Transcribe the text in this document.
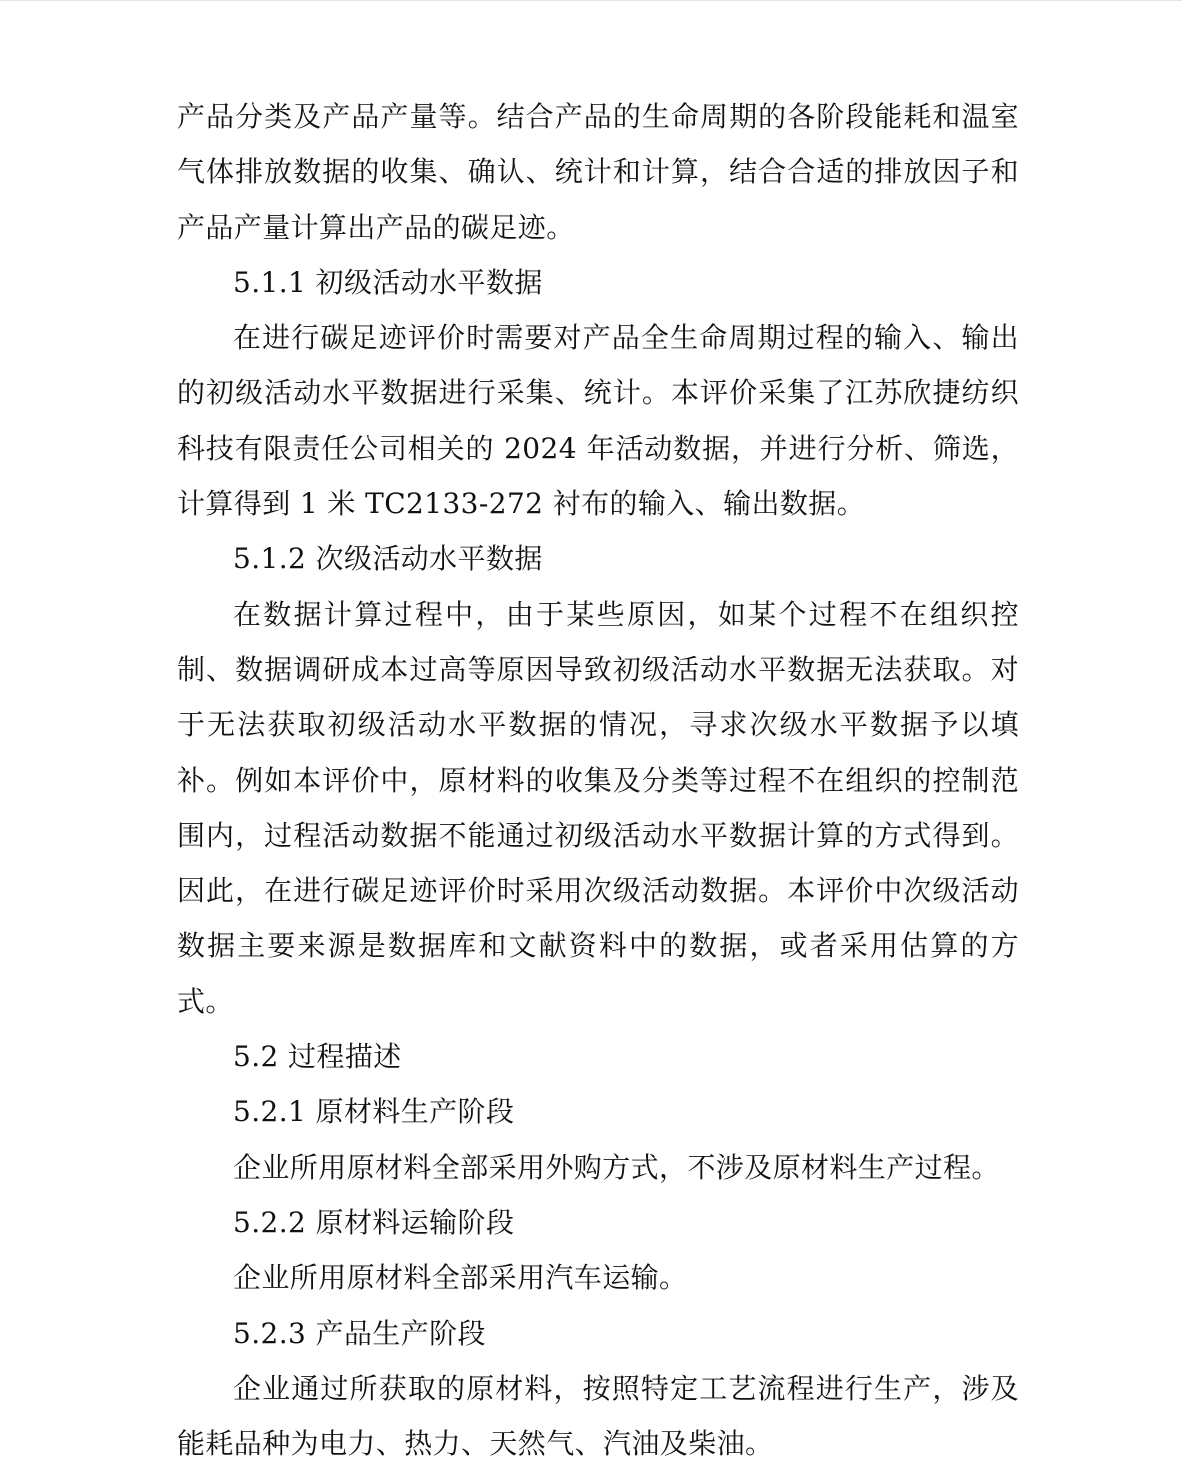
产品分类及产品产量等。结合产品的生命周期的各阶段能耗和温室气体排放数据的收集、确认、统计和计算，结合合适的排放因子和产品产量计算出产品的碳足迹。

5.1.1 初级活动水平数据

在进行碳足迹评价时需要对产品全生命周期过程的输入、输出的初级活动水平数据进行采集、统计。本评价采集了江苏欣捷纺织科技有限责任公司相关的 2024 年活动数据，并进行分析、筛选，计算得到 1 米 TC2133-272 衬布的输入、输出数据。

5.1.2 次级活动水平数据

在数据计算过程中，由于某些原因，如某个过程不在组织控制、数据调研成本过高等原因导致初级活动水平数据无法获取。对于无法获取初级活动水平数据的情况，寻求次级水平数据予以填补。例如本评价中，原材料的收集及分类等过程不在组织的控制范围内，过程活动数据不能通过初级活动水平数据计算的方式得到。因此，在进行碳足迹评价时采用次级活动数据。本评价中次级活动数据主要来源是数据库和文献资料中的数据，或者采用估算的方式。

5.2 过程描述

5.2.1 原材料生产阶段

企业所用原材料全部采用外购方式，不涉及原材料生产过程。

5.2.2 原材料运输阶段

企业所用原材料全部采用汽车运输。

5.2.3 产品生产阶段

企业通过所获取的原材料，按照特定工艺流程进行生产，涉及能耗品种为电力、热力、天然气、汽油及柴油。
